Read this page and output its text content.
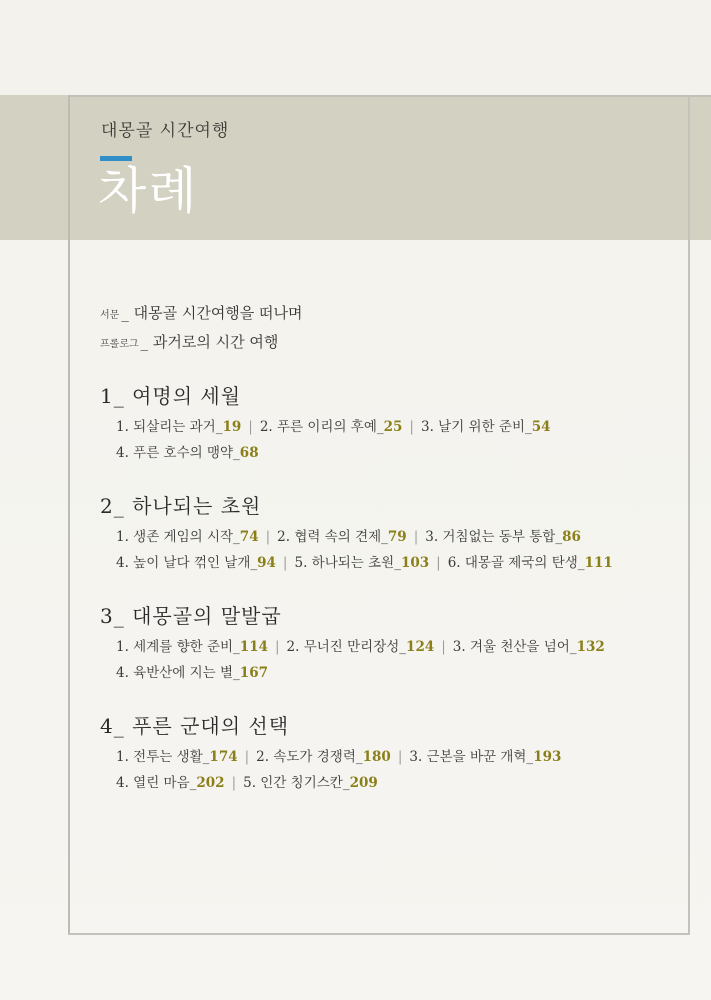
대몽골 시간여행
차례
서문 _ 대몽골 시간여행을 떠나며
프롤로그 _ 과거로의 시간 여행
1_ 여명의 세월
1. 되살리는 과거_19 | 2. 푸른 이리의 후예_25 | 3. 날기 위한 준비_54
4. 푸른 호수의 맹약_68
2_ 하나되는 초원
1. 생존 게임의 시작_74 | 2. 협력 속의 견제_79 | 3. 거침없는 동부 통합_86
4. 높이 날다 꺾인 날개_94 | 5. 하나되는 초원_103 | 6. 대몽골 제국의 탄생_111
3_ 대몽골의 말발굽
1. 세계를 향한 준비_114 | 2. 무너진 만리장성_124 | 3. 겨울 천산을 넘어_132
4. 육반산에 지는 별_167
4_ 푸른 군대의 선택
1. 전투는 생활_174 | 2. 속도가 경쟁력_180 | 3. 근본을 바꾼 개혁_193
4. 열린 마음_202 | 5. 인간 칭기스칸_209
